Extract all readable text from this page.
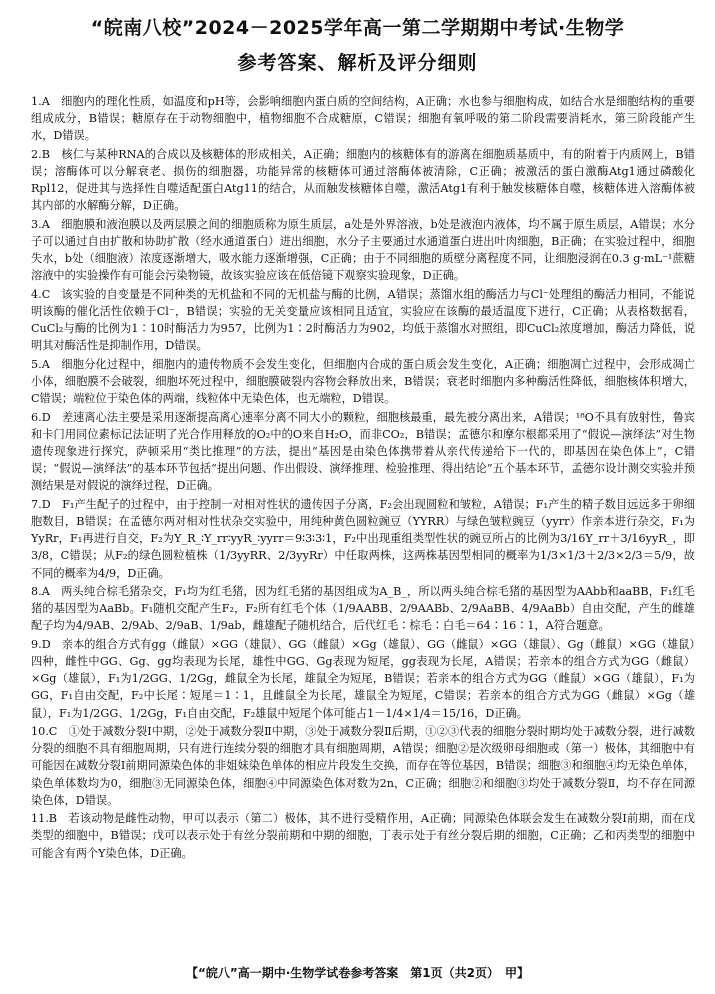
“皖南八校”2024－2025学年高一第二学期期中考试·生物学
参考答案、解析及评分细则
1.A　细胞内的理化性质，如温度和pH等，会影响细胞内蛋白质的空间结构，A正确；水也参与细胞构成，如结合水是细胞结构的重要组成成分，B错误；糖原存在于动物细胞中，植物细胞不合成糖原，C错误；细胞有氧呼吸的第二阶段需要消耗水，第三阶段能产生水，D错误。
2.B　核仁与某种RNA的合成以及核糖体的形成相关，A正确；细胞内的核糖体有的游离在细胞质基质中，有的附着于内质网上，B错误；溶酶体可以分解衰老、损伤的细胞器，功能异常的核糖体可通过溶酶体被清除，C正确；被激活的蛋白激酶Atg1通过磷酸化Rpl12，促进其与选择性自噬适配蛋白Atg11的结合，从而触发核糖体自噬，激活Atg1有利于触发核糖体自噬，核糖体进入溶酶体被其内部的水解酶分解，D正确。
3.A　细胞膜和液泡膜以及两层膜之间的细胞质称为原生质层，a处是外界溶液，b处是液泡内液体，均不属于原生质层，A错误；水分子可以通过自由扩散和协助扩散（经水通道蛋白）进出细胞，水分子主要通过水通道蛋白进出叶肉细胞，B正确；在实验过程中，细胞失水，b处（细胞液）浓度逐渐增大，吸水能力逐渐增强，C正确；由于不同细胞的质壁分离程度不同，让细胞浸润在0.3 g·mL⁻¹蔗糖溶液中的实验操作有可能会污染物镜，故该实验应该在低倍镜下观察实验现象，D正确。
4.C　该实验的自变量是不同种类的无机盐和不同的无机盐与酶的比例，A错误；蒸馏水组的酶活力与Cl⁻处理组的酶活力相同，不能说明该酶的催化活性依赖于Cl⁻，B错误；实验的无关变量应该相同且适宜，实验应在该酶的最适温度下进行，C正确；从表格数据看，CuCl₂与酶的比例为1∶10时酶活力为957，比例为1∶2时酶活力为902，均低于蒸馏水对照组，即CuCl₂浓度增加，酶活力降低，说明其对酶活性是抑制作用，D错误。
5.A　细胞分化过程中，细胞内的遗传物质不会发生变化，但细胞内合成的蛋白质会发生变化，A正确；细胞凋亡过程中，会形成凋亡小体，细胞膜不会破裂，细胞坏死过程中，细胞膜破裂内容物会释放出来，B错误；衰老时细胞内多种酶活性降低，细胞核体积增大，C错误；端粒位于染色体的两端，线粒体中无染色体，也无端粒，D错误。
6.D　差速离心法主要是采用逐渐提高离心速率分离不同大小的颗粒，细胞核最重，最先被分离出来，A错误；¹⁸O不具有放射性，鲁宾和卡门用同位素标记法证明了光合作用释放的O₂中的O来自H₂O，而非CO₂，B错误；孟德尔和摩尔根都采用了“假说—演绎法”对生物遗传现象进行探究，萨顿采用“类比推理”的方法，提出“基因是由染色体携带着从亲代传递给下一代的，即基因在染色体上”，C错误；“假说—演绎法”的基本环节包括“提出问题、作出假设、演绎推理、检验推理、得出结论”五个基本环节，孟德尔设计测交实验并预测结果是对假说的演绎过程，D正确。
7.D　F₁产生配子的过程中，由于控制一对相对性状的遗传因子分离，F₂会出现圆粒和皱粒，A错误；F₁产生的精子数目远远多于卵细胞数目，B错误；在孟德尔两对相对性状杂交实验中，用纯种黄色圆粒豌豆（YYRR）与绿色皱粒豌豆（yyrr）作亲本进行杂交，F₁为YyRr，F₁再进行自交，F₂为Y_R_∶Y_rr∶yyR_∶yyrr＝9∶3∶3∶1，F₂中出现重组类型性状的豌豆所占的比例为3/16Y_rr＋3/16yyR_，即3/8，C错误；从F₂的绿色圆粒植株（1/3yyRR、2/3yyRr）中任取两株，这两株基因型相同的概率为1/3×1/3＋2/3×2/3＝5/9，故不同的概率为4/9，D正确。
8.A　两头纯合棕毛猪杂交，F₁均为红毛猪，因为红毛猪的基因组成为A_B_，所以两头纯合棕毛猪的基因型为AAbb和aaBB，F₁红毛猪的基因型为AaBb。F₁随机交配产生F₂，F₂所有红毛个体（1/9AABB、2/9AABb、2/9AaBB、4/9AaBb）自由交配，产生的雌雄配子均为4/9AB、2/9Ab、2/9aB、1/9ab，雌雄配子随机结合，后代红毛∶棕毛∶白毛＝64∶16∶1，A符合题意。
9.D　亲本的组合方式有gg（雌鼠）×GG（雄鼠）、GG（雌鼠）×Gg（雄鼠）、GG（雌鼠）×GG（雄鼠）、Gg（雌鼠）×GG（雄鼠）四种，雌性中GG、Gg、gg均表现为长尾，雄性中GG、Gg表现为短尾，gg表现为长尾，A错误；若亲本的组合方式为GG（雌鼠）×Gg（雄鼠），F₁为1/2GG、1/2Gg，雌鼠全为长尾，雄鼠全为短尾，B错误；若亲本的组合方式为GG（雌鼠）×GG（雄鼠），F₁为GG，F₁自由交配，F₂中长尾∶短尾＝1∶1，且雌鼠全为长尾，雄鼠全为短尾，C错误；若亲本的组合方式为GG（雌鼠）×Gg（雄鼠），F₁为1/2GG、1/2Gg，F₁自由交配，F₂雄鼠中短尾个体可能占1－1/4×1/4＝15/16，D正确。
10.C　①处于减数分裂Ⅰ中期，②处于减数分裂Ⅱ中期，③处于减数分裂Ⅱ后期，①②③代表的细胞分裂时期均处于减数分裂，进行减数分裂的细胞不具有细胞周期，只有进行连续分裂的细胞才具有细胞周期，A错误；细胞②是次级卵母细胞或（第一）极体，其细胞中有可能因在减数分裂Ⅰ前期同源染色体的非姐妹染色单体的相应片段发生交换，而存在等位基因，B错误；细胞③和细胞④均无染色单体，染色单体数均为0，细胞③无同源染色体，细胞④中同源染色体对数为2n，C正确；细胞②和细胞③均处于减数分裂Ⅱ，均不存在同源染色体，D错误。
11.B　若该动物是雌性动物，甲可以表示（第二）极体，其不进行受精作用，A正确；同源染色体联会发生在减数分裂Ⅰ前期，而在戊类型的细胞中，B错误；戊可以表示处于有丝分裂前期和中期的细胞，丁表示处于有丝分裂后期的细胞，C正确；乙和丙类型的细胞中可能含有两个Y染色体，D正确。
【“皖八”高一期中·生物学试卷参考答案　第1页（共2页）　甲】
